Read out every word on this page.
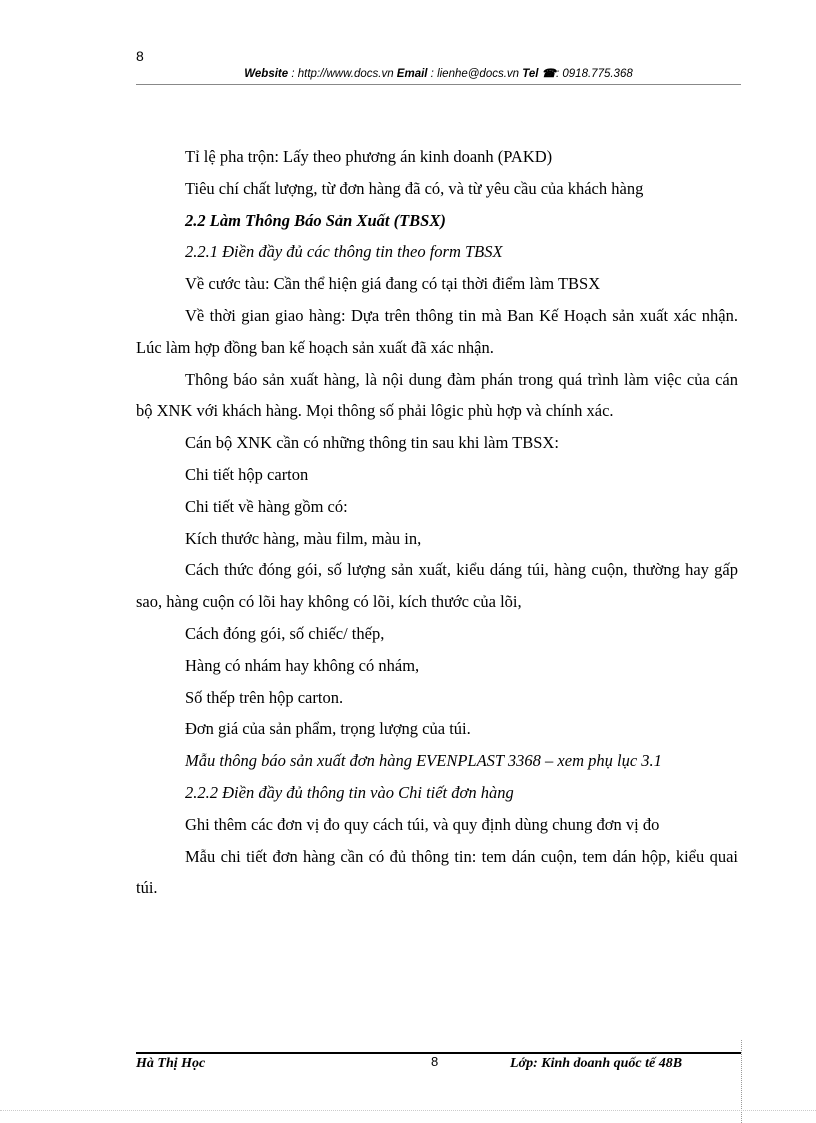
8
Website : http://www.docs.vn Email : lienhe@docs.vn Tel ☎: 0918.775.368

Tỉ lệ pha trộn: Lấy theo phương án kinh doanh (PAKD)

Tiêu chí chất lượng, từ đơn hàng đã có, và từ yêu cầu của khách hàng

2.2 Làm Thông Báo Sản Xuất (TBSX)

2.2.1 Điền đầy đủ các thông tin theo form TBSX

Về cước tàu: Cần thể hiện giá đang có tại thời điểm làm TBSX

Về thời gian giao hàng: Dựa trên thông tin mà Ban Kế Hoạch sản xuất xác nhận. Lúc làm hợp đồng ban kế hoạch sản xuất đã xác nhận.

Thông báo sản xuất hàng, là nội dung đàm phán trong quá trình làm việc của cán bộ XNK với khách hàng. Mọi thông số phải lôgic phù hợp và chính xác.

Cán bộ XNK cần có những thông tin sau khi làm TBSX:

Chi tiết hộp carton

Chi tiết về hàng gồm có:

Kích thước hàng, màu film, màu in,

Cách thức đóng gói, số lượng sản xuất, kiểu dáng túi, hàng cuộn, thường hay gấp sao, hàng cuộn có lõi hay không có lõi, kích thước của lõi,

Cách đóng gói, số chiếc/ thếp,

Hàng có nhám hay không có nhám,

Số thếp trên hộp carton.

Đơn giá của sản phẩm, trọng lượng của túi.

Mẫu thông báo sản xuất đơn hàng EVENPLAST 3368 – xem phụ lục 3.1

2.2.2 Điền đầy đủ thông tin vào Chi tiết đơn hàng

Ghi thêm các đơn vị đo quy cách túi, và quy định dùng chung đơn vị đo

Mẫu chi tiết đơn hàng cần có đủ thông tin: tem dán cuộn, tem dán hộp, kiểu quai túi.

Hà Thị Học	8	Lớp: Kinh doanh quốc tế 48B
